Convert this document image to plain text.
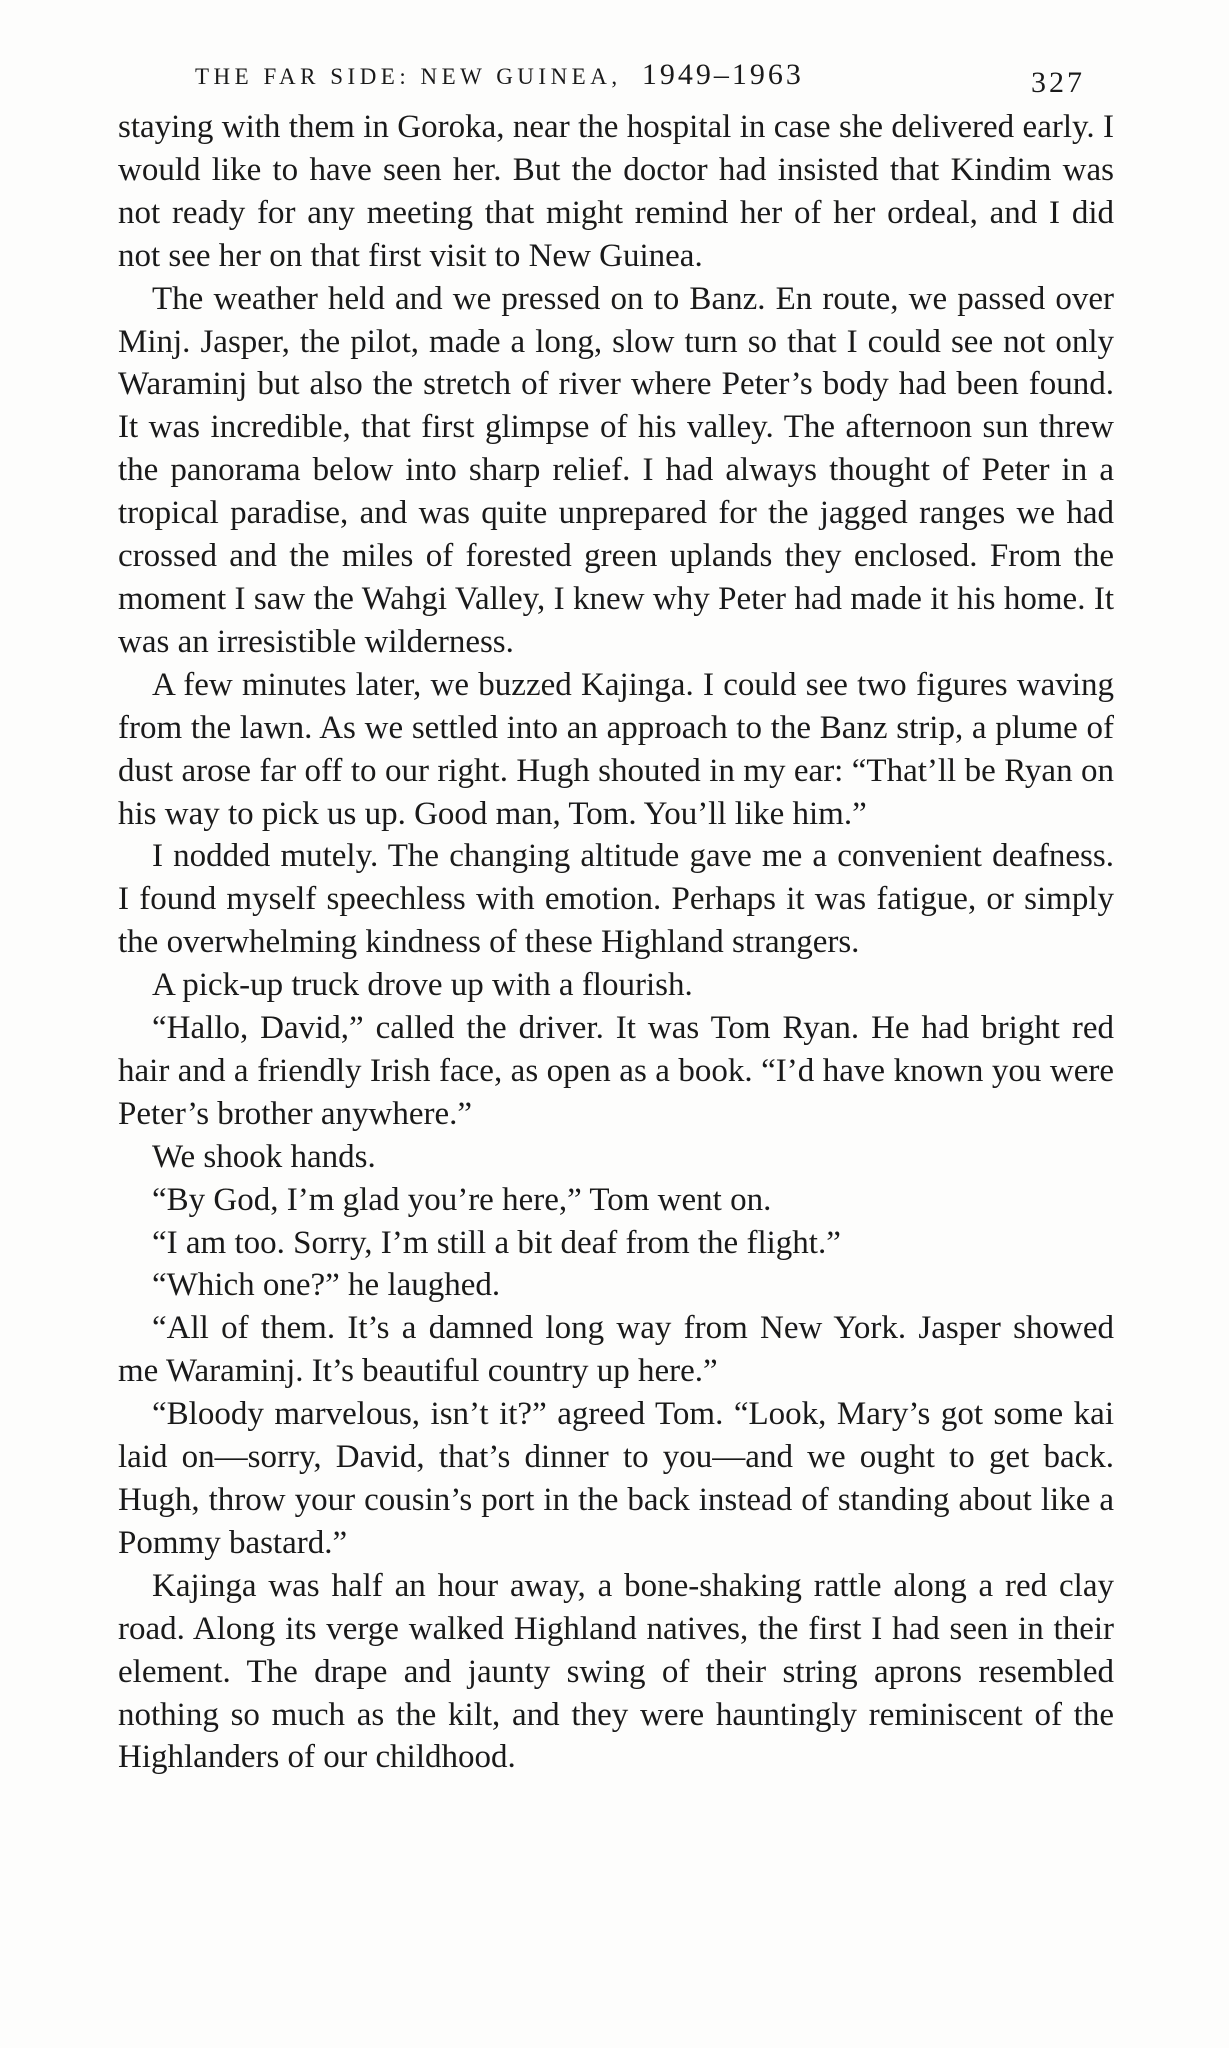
THE FAR SIDE: NEW GUINEA, 1949–1963	327

staying with them in Goroka, near the hospital in case she delivered early. I would like to have seen her. But the doctor had insisted that Kindim was not ready for any meeting that might remind her of her ordeal, and I did not see her on that first visit to New Guinea.

The weather held and we pressed on to Banz. En route, we passed over Minj. Jasper, the pilot, made a long, slow turn so that I could see not only Waraminj but also the stretch of river where Peter’s body had been found. It was incredible, that first glimpse of his valley. The afternoon sun threw the panorama below into sharp relief. I had always thought of Peter in a tropical paradise, and was quite unprepared for the jagged ranges we had crossed and the miles of forested green uplands they enclosed. From the moment I saw the Wahgi Valley, I knew why Peter had made it his home. It was an irresistible wilderness.

A few minutes later, we buzzed Kajinga. I could see two figures waving from the lawn. As we settled into an approach to the Banz strip, a plume of dust arose far off to our right. Hugh shouted in my ear: “That’ll be Ryan on his way to pick us up. Good man, Tom. You’ll like him.”

I nodded mutely. The changing altitude gave me a convenient deafness. I found myself speechless with emotion. Perhaps it was fatigue, or simply the overwhelming kindness of these Highland strangers.

A pick-up truck drove up with a flourish.

“Hallo, David,” called the driver. It was Tom Ryan. He had bright red hair and a friendly Irish face, as open as a book. “I’d have known you were Peter’s brother anywhere.”

We shook hands.

“By God, I’m glad you’re here,” Tom went on.

“I am too. Sorry, I’m still a bit deaf from the flight.”

“Which one?” he laughed.

“All of them. It’s a damned long way from New York. Jasper showed me Waraminj. It’s beautiful country up here.”

“Bloody marvelous, isn’t it?” agreed Tom. “Look, Mary’s got some kai laid on—sorry, David, that’s dinner to you—and we ought to get back. Hugh, throw your cousin’s port in the back instead of standing about like a Pommy bastard.”

Kajinga was half an hour away, a bone-shaking rattle along a red clay road. Along its verge walked Highland natives, the first I had seen in their element. The drape and jaunty swing of their string aprons resembled nothing so much as the kilt, and they were hauntingly reminiscent of the Highlanders of our childhood.
